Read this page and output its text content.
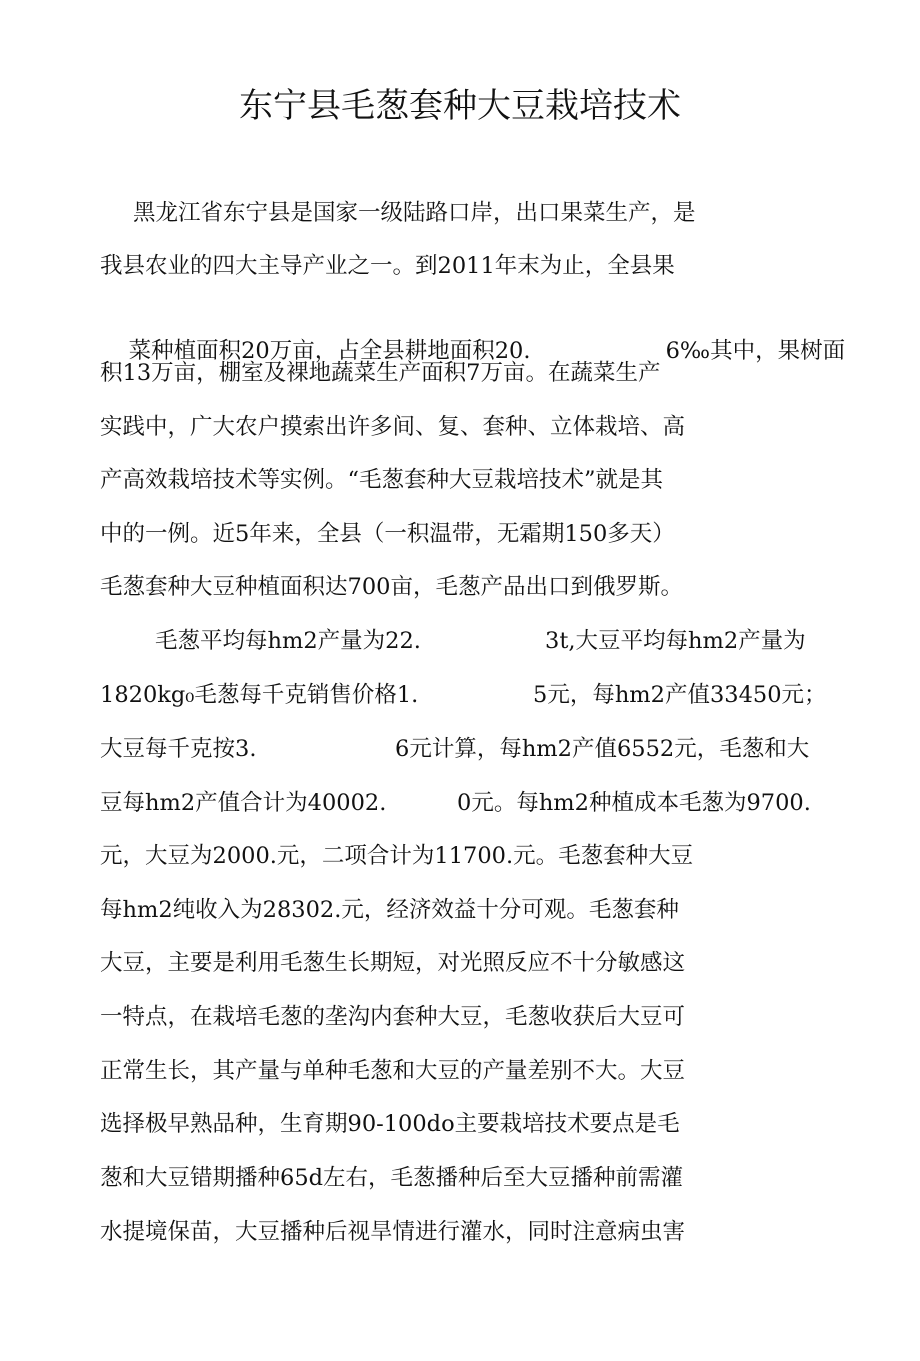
东宁县毛葱套种大豆栽培技术
黑龙江省东宁县是国家一级陆路口岸，出口果菜生产，是
我县农业的四大主导产业之一。到2011年末为止，全县果

菜种植面积20万亩，占全县耕地面积20.
	6‰其中，果树面

积13万亩，棚室及裸地蔬菜生产面积7万亩。在蔬菜生产
实践中，广大农户摸索出许多间、复、套种、立体栽培、高
产高效栽培技术等实例。“毛葱套种大豆栽培技术”就是其
中的一例。近5年来，全县（一积温带，无霜期150多天）
毛葱套种大豆种植面积达700亩，毛葱产品出口到俄罗斯。
毛葱平均每hm2产量为22.	3t,大豆平均每hm2产量为
1820kg₀毛葱每千克销售价格1.	5元，每hm2产值33450元；
大豆每千克按3.	6元计算，每hm2产值6552元，毛葱和大
豆每hm2产值合计为40002.	0元。每hm2种植成本毛葱为9700.
元，大豆为2000.元，二项合计为11700.元。毛葱套种大豆
每hm2纯收入为28302.元，经济效益十分可观。毛葱套种
大豆，主要是利用毛葱生长期短，对光照反应不十分敏感这
一特点，在栽培毛葱的垄沟内套种大豆，毛葱收获后大豆可
正常生长，其产量与单种毛葱和大豆的产量差别不大。大豆
选择极早熟品种，生育期90-100do主要栽培技术要点是毛
葱和大豆错期播种65d左右，毛葱播种后至大豆播种前需灌
水提境保苗，大豆播种后视旱情进行灌水，同时注意病虫害
